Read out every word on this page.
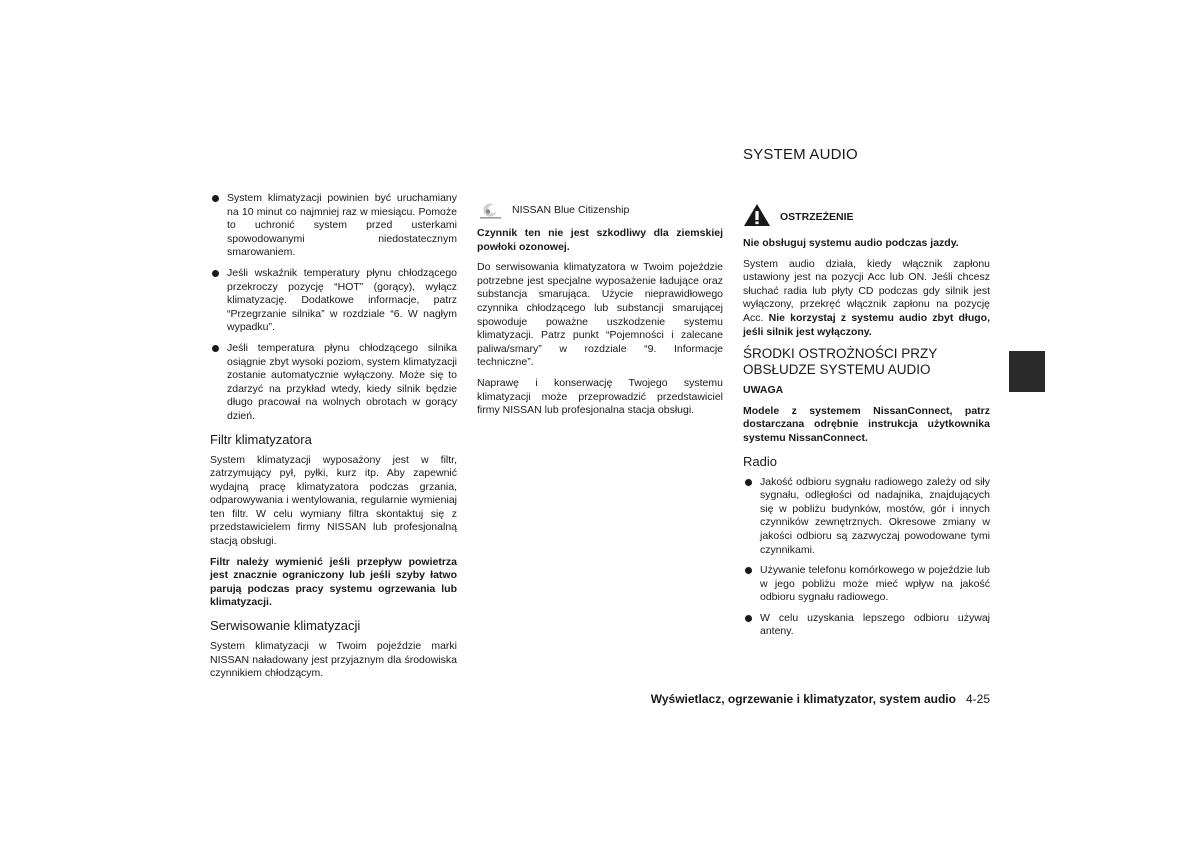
SYSTEM AUDIO
System klimatyzacji powinien być uruchamiany na 10 minut co najmniej raz w miesiącu. Pomoże to uchronić system przed usterkami spowodowanymi niedostatecznym smarowaniem.
Jeśli wskaźnik temperatury płynu chłodzącego przekroczy pozycję “HOT” (gorący), wyłącz klimatyzację. Dodatkowe informacje, patrz “Przegrzanie silnika” w rozdziale “6. W nagłym wypadku”.
Jeśli temperatura płynu chłodzącego silnika osiągnie zbyt wysoki poziom, system klimatyzacji zostanie automatycznie wyłączony. Może się to zdarzyć na przykład wtedy, kiedy silnik będzie długo pracował na wolnych obrotach w gorący dzień.
Filtr klimatyzatora

System klimatyzacji wyposażony jest w filtr, zatrzymujący pył, pyłki, kurz itp. Aby zapewnić wydajną pracę klimatyzatora podczas grzania, odparowywania i wentylowania, regularnie wymieniaj ten filtr. W celu wymiany filtra skontaktuj się z przedstawicielem firmy NISSAN lub profesjonalną stacją obsługi.

Filtr należy wymienić jeśli przepływ powietrza jest znacznie ograniczony lub jeśli szyby łatwo parują podczas pracy systemu ogrzewania lub klimatyzacji.

Serwisowanie klimatyzacji

System klimatyzacji w Twoim pojeździe marki NISSAN naładowany jest przyjaznym dla środowiska czynnikiem chłodzącym.

NISSAN Blue Citizenship

Czynnik ten nie jest szkodliwy dla ziemskiej powłoki ozonowej.

Do serwisowania klimatyzatora w Twoim pojeździe potrzebne jest specjalne wyposażenie ładujące oraz substancja smarująca. Użycie nieprawidłowego czynnika chłodzącego lub substancji smarującej spowoduje poważne uszkodzenie systemu klimatyzacji. Patrz punkt “Pojemności i zalecane paliwa/smary” w rozdziale “9. Informacje techniczne”.

Naprawę i konserwację Twojego systemu klimatyzacji może przeprowadzić przedstawiciel firmy NISSAN lub profesjonalna stacja obsługi.

OSTRZEŻENIE

Nie obsługuj systemu audio podczas jazdy.

System audio działa, kiedy włącznik zapłonu ustawiony jest na pozycji Acc lub ON. Jeśli chcesz słuchać radia lub płyty CD podczas gdy silnik jest wyłączony, przekręć włącznik zapłonu na pozycję Acc. Nie korzystaj z systemu audio zbyt długo, jeśli silnik jest wyłączony.

ŚRODKI OSTROŻNOŚCI PRZY OBSŁUDZE SYSTEMU AUDIO

UWAGA

Modele z systemem NissanConnect, patrz dostarczana odrębnie instrukcja użytkownika systemu NissanConnect.

Radio
Jakość odbioru sygnału radiowego zależy od siły sygnału, odległości od nadajnika, znajdujących się w pobliżu budynków, mostów, gór i innych czynników zewnętrznych. Okresowe zmiany w jakości odbioru są zazwyczaj powodowane tymi czynnikami.
Używanie telefonu komórkowego w pojeździe lub w jego pobliżu może mieć wpływ na jakość odbioru sygnału radiowego.
W celu uzyskania lepszego odbioru używaj anteny.
Wyświetlacz, ogrzewanie i klimatyzator, system audio 4-25
